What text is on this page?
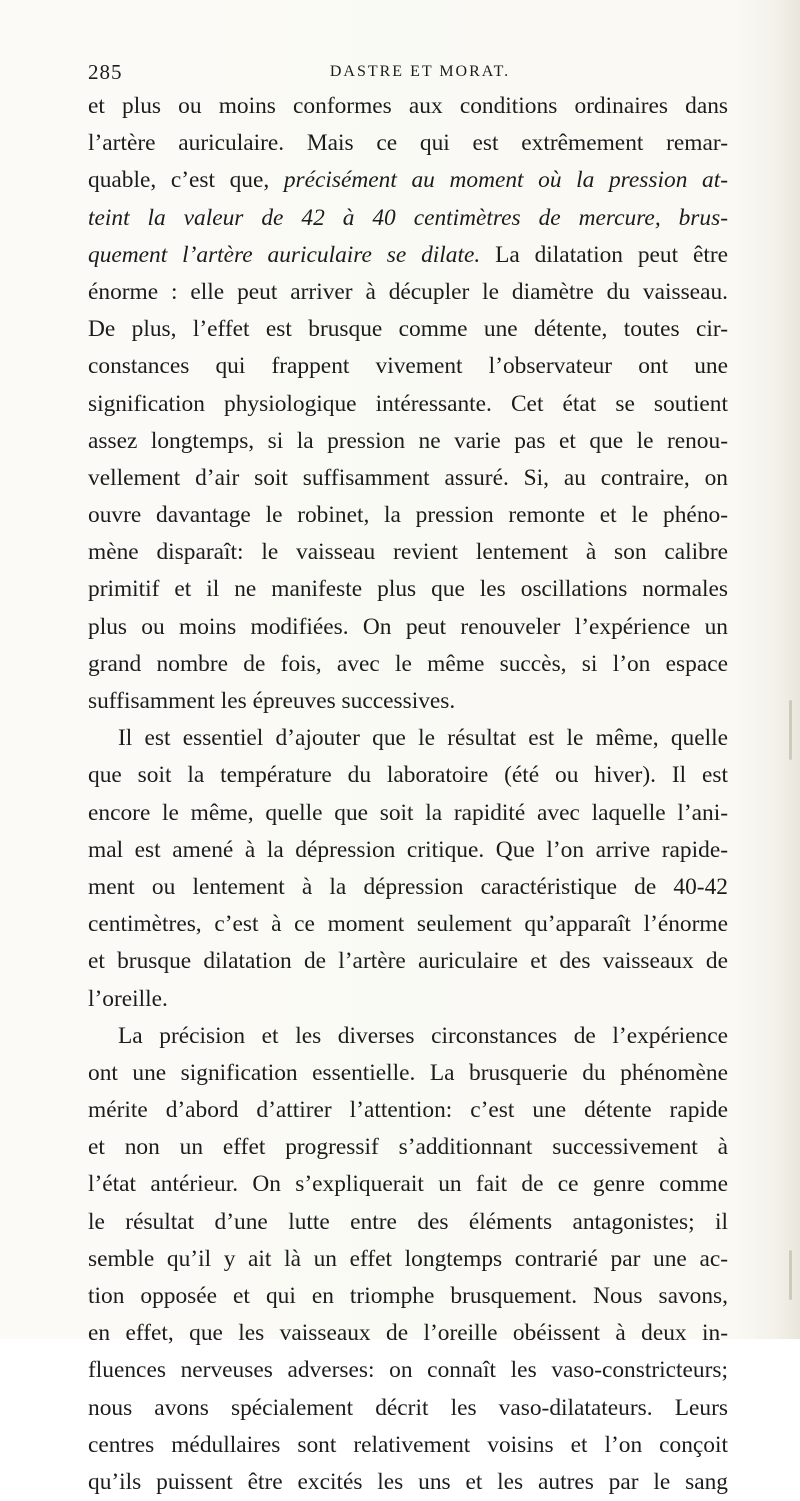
285	DASTRE ET MORAT.
et plus ou moins conformes aux conditions ordinaires dans
l’artère auriculaire. Mais ce qui est extrêmement remar-
quable, c’est que, précisément au moment où la pression at-
teint la valeur de 42 à 40 centimètres de mercure, brus-
quement l’artère auriculaire se dilate. La dilatation peut être
énorme : elle peut arriver à décupler le diamètre du vaisseau.
De plus, l’effet est brusque comme une détente, toutes cir-
constances qui frappent vivement l’observateur ont une
signification physiologique intéressante. Cet état se soutient
assez longtemps, si la pression ne varie pas et que le renou-
vellement d’air soit suffisamment assuré. Si, au contraire, on
ouvre davantage le robinet, la pression remonte et le phéno-
mène disparaît: le vaisseau revient lentement à son calibre
primitif et il ne manifeste plus que les oscillations normales
plus ou moins modifiées. On peut renouveler l’expérience un
grand nombre de fois, avec le même succès, si l’on espace
suffisamment les épreuves successives.
Il est essentiel d’ajouter que le résultat est le même, quelle
que soit la température du laboratoire (été ou hiver). Il est
encore le même, quelle que soit la rapidité avec laquelle l’ani-
mal est amené à la dépression critique. Que l’on arrive rapide-
ment ou lentement à la dépression caractéristique de 40-42
centimètres, c’est à ce moment seulement qu’apparaît l’énorme
et brusque dilatation de l’artère auriculaire et des vaisseaux de
l’oreille.
La précision et les diverses circonstances de l’expérience
ont une signification essentielle. La brusquerie du phénomène
mérite d’abord d’attirer l’attention: c’est une détente rapide
et non un effet progressif s’additionnant successivement à
l’état antérieur. On s’expliquerait un fait de ce genre comme
le résultat d’une lutte entre des éléments antagonistes; il
semble qu’il y ait là un effet longtemps contrarié par une ac-
tion opposée et qui en triomphe brusquement. Nous savons,
en effet, que les vaisseaux de l’oreille obéissent à deux in-
fluences nerveuses adverses: on connaît les vaso-constricteurs;
nous avons spécialement décrit les vaso-dilatateurs. Leurs
centres médullaires sont relativement voisins et l’on conçoit
qu’ils puissent être excités les uns et les autres par le sang
